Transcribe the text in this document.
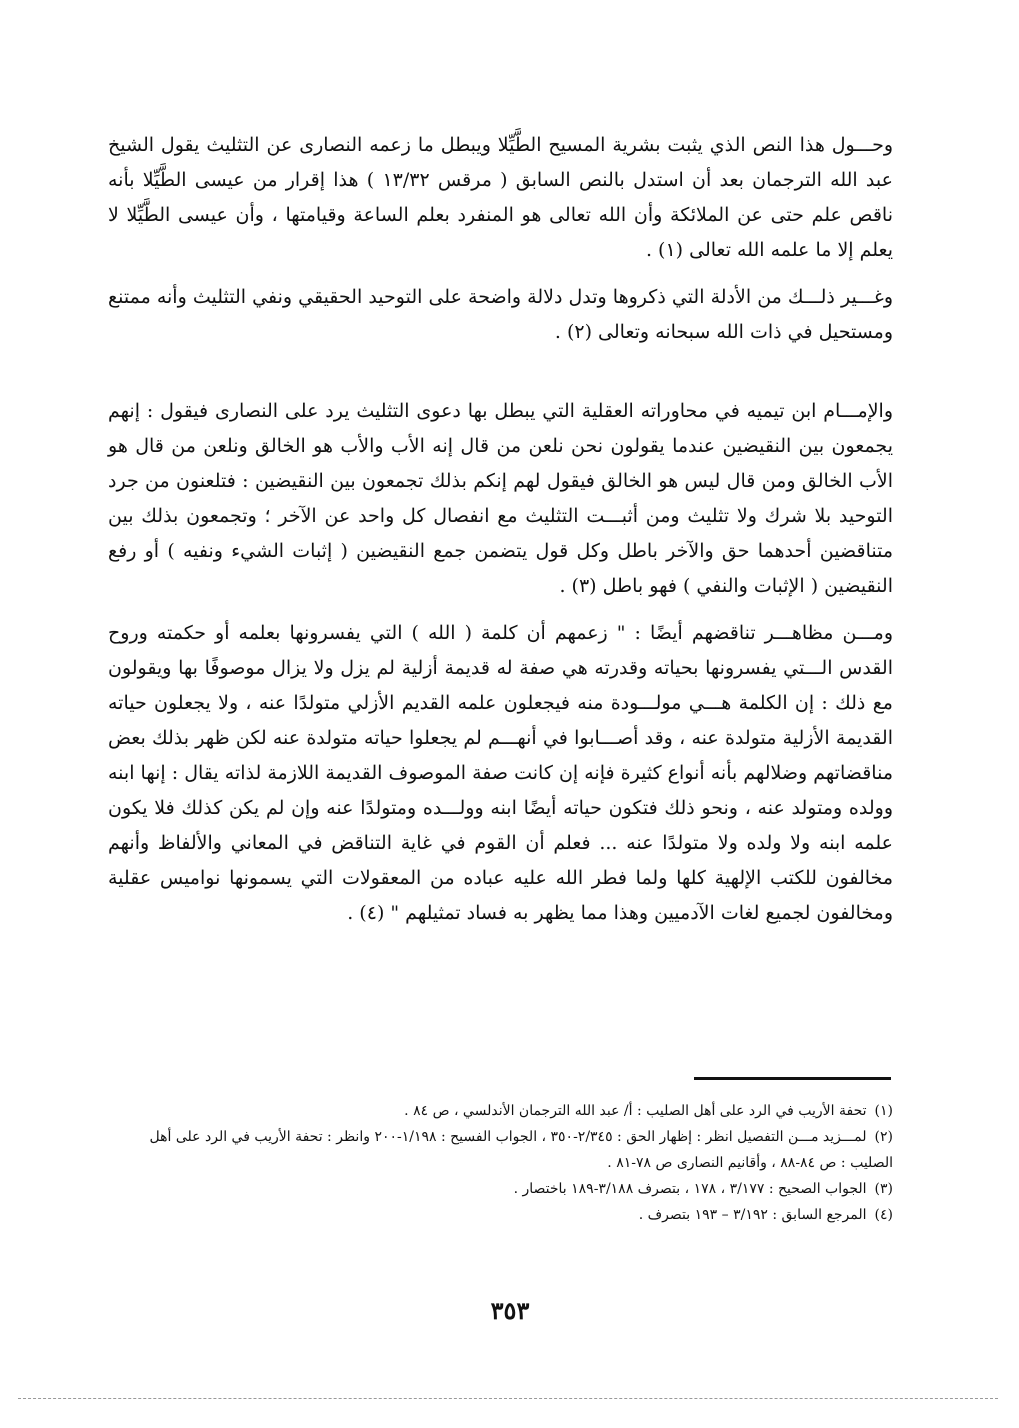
وحـــول هذا النص الذي يثبت بشرية المسيح الطَّيِّلا ويبطل ما زعمه النصارى عن التثليث يقول الشيخ عبد الله الترجمان بعد أن استدل بالنص السابق ( مرقس ١٣/٣٢ ) هذا إقرار من عيسى الطَّيِّلا بأنه ناقص علم حتى عن الملائكة وأن الله تعالى هو المنفرد بعلم الساعة وقيامتها ، وأن عيسى الطَّيِّلا لا يعلم إلا ما علمه الله تعالى (١) .

وغـــير ذلـــك من الأدلة التي ذكروها وتدل دلالة واضحة على التوحيد الحقيقي ونفي التثليث وأنه ممتنع ومستحيل في ذات الله سبحانه وتعالى (٢) .

والإمـــام ابن تيميه في محاوراته العقلية التي يبطل بها دعوى التثليث يرد على النصارى فيقول : إنهم يجمعون بين النقيضين عندما يقولون نحن نلعن من قال إنه الأب والأب هو الخالق ونلعن من قال هو الأب الخالق ومن قال ليس هو الخالق فيقول لهم إنكم بذلك تجمعون بين النقيضين : فتلعنون من جرد التوحيد بلا شرك ولا تثليث ومن أثبـــت التثليث مع انفصال كل واحد عن الآخر ؛ وتجمعون بذلك بين متناقضين أحدهما حق والآخر باطل وكل قول يتضمن جمع النقيضين ( إثبات الشيء ونفيه ) أو رفع النقيضين ( الإثبات والنفي ) فهو باطل (٣) .

ومـــن مظاهـــر تناقضهم أيضًا : " زعمهم أن كلمة ( الله ) التي يفسرونها بعلمه أو حكمته وروح القدس الـــتي يفسرونها بحياته وقدرته هي صفة له قديمة أزلية لم يزل ولا يزال موصوفًا بها ويقولون مع ذلك : إن الكلمة هـــي مولـــودة منه فيجعلون علمه القديم الأزلي متولدًا عنه ، ولا يجعلون حياته القديمة الأزلية متولدة عنه ، وقد أصـــابوا في أنهـــم لم يجعلوا حياته متولدة عنه لكن ظهر بذلك بعض مناقضاتهم وضلالهم بأنه أنواع كثيرة فإنه إن كانت صفة الموصوف القديمة اللازمة لذاته يقال : إنها ابنه وولده ومتولد عنه ، ونحو ذلك فتكون حياته أيضًا ابنه وولـــده ومتولدًا عنه وإن لم يكن كذلك فلا يكون علمه ابنه ولا ولده ولا متولدًا عنه ... فعلم أن القوم في غاية التناقض في المعاني والألفاظ وأنهم مخالفون للكتب الإلهية كلها ولما فطر الله عليه عباده من المعقولات التي يسمونها نواميس عقلية ومخالفون لجميع لغات الآدميين وهذا مما يظهر به فساد تمثيلهم " (٤) .

(١)تحفة الأريب في الرد على أهل الصليب : أ/ عبد الله الترجمان الأندلسي ، ص ٨٤ .
(٢)لمـــزيد مـــن التفصيل انظر : إظهار الحق : ٢/٣٤٥-٣٥٠ ، الجواب الفسيح : ١/١٩٨-٢٠٠ وانظر : تحفة الأريب في الرد على أهل الصليب : ص ٨٤-٨٨ ، وأقانيم النصارى ص ٧٨-٨١ .
(٣)الجواب الصحيح : ٣/١٧٧ ، ١٧٨ ، بتصرف ٣/١٨٨-١٨٩ باختصار .
(٤)المرجع السابق : ٣/١٩٢ – ١٩٣ بتصرف .
٣٥٣
